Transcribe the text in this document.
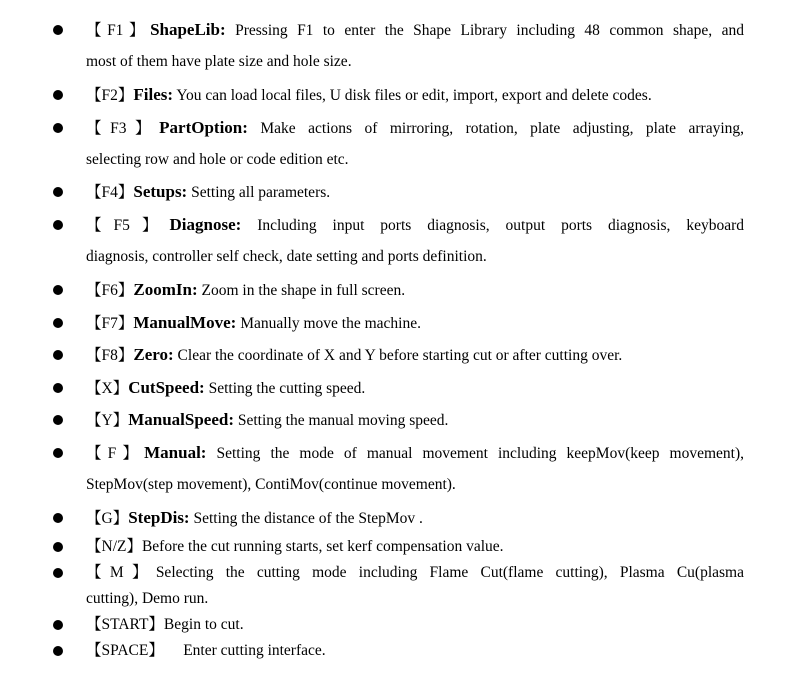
【F1】ShapeLib: Pressing F1 to enter the Shape Library including 48 common shape, and
most of them have plate size and hole size.
【F2】Files: You can load local files, U disk files or edit, import, export and delete codes.
【F3】PartOption: Make actions of mirroring, rotation, plate adjusting, plate arraying,
selecting row and hole or code edition etc.
【F4】Setups: Setting all parameters.
【F5】Diagnose: Including input ports diagnosis, output ports diagnosis, keyboard
diagnosis, controller self check, date setting and ports definition.
【F6】ZoomIn: Zoom in the shape in full screen.
【F7】ManualMove: Manually move the machine.
【F8】Zero: Clear the coordinate of X and Y before starting cut or after cutting over.
【X】CutSpeed: Setting the cutting speed.
【Y】ManualSpeed: Setting the manual moving speed.
【F】Manual: Setting the mode of manual movement including keepMov(keep movement),
StepMov(step movement), ContiMov(continue movement).
【G】StepDis: Setting the distance of the StepMov .
【N/Z】Before the cut running starts, set kerf compensation value.
【M】Selecting the cutting mode including Flame Cut(flame cutting), Plasma Cu(plasma
cutting), Demo run.
【START】Begin to cut.
【SPACE】     Enter cutting interface.
